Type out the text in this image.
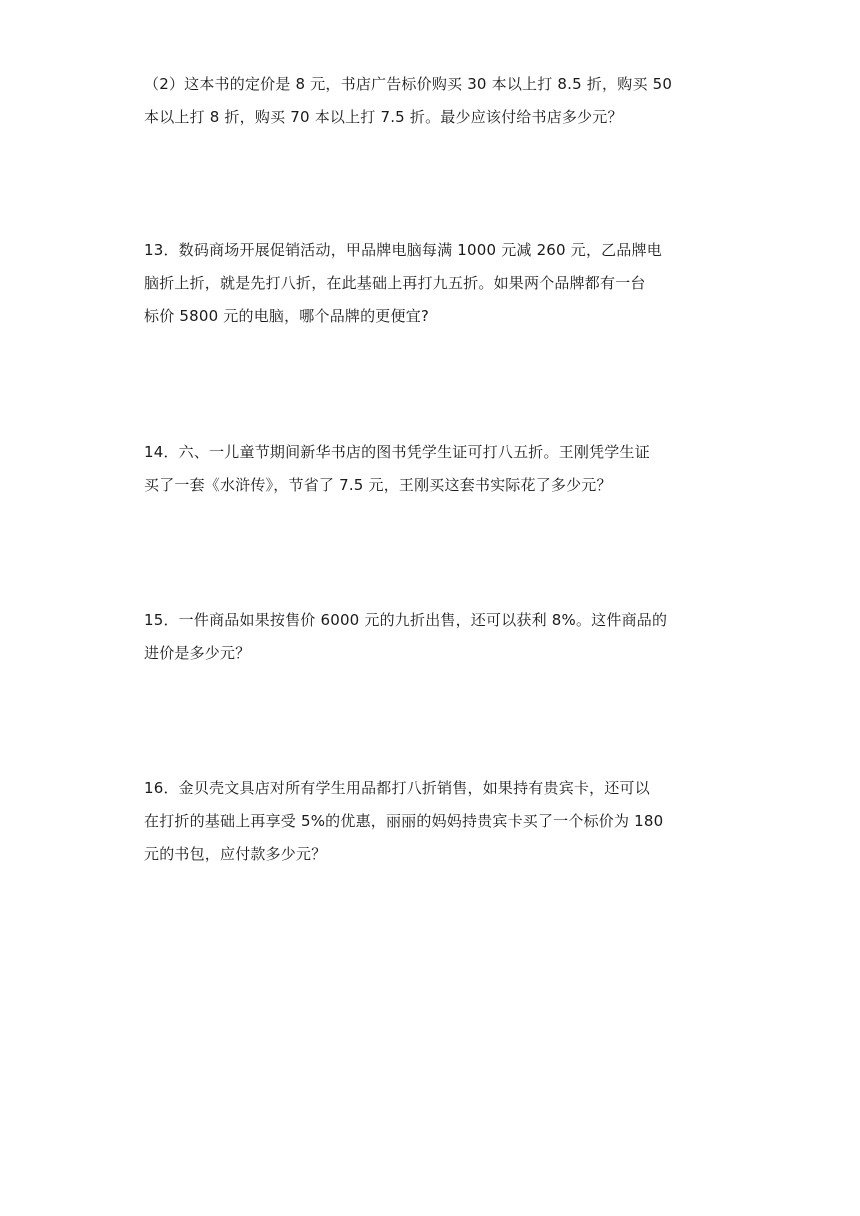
（2）这本书的定价是 8 元，书店广告标价购买 30 本以上打 8.5 折，购买 50
本以上打 8 折，购买 70 本以上打 7.5 折。最少应该付给书店多少元？
13．数码商场开展促销活动，甲品牌电脑每满 1000 元减 260 元，乙品牌电
脑折上折，就是先打八折，在此基础上再打九五折。如果两个品牌都有一台
标价 5800 元的电脑，哪个品牌的更便宜?
14．六、一儿童节期间新华书店的图书凭学生证可打八五折。王刚凭学生证
买了一套《水浒传》，节省了 7.5 元，王刚买这套书实际花了多少元？
15．一件商品如果按售价 6000 元的九折出售，还可以获利 8%。这件商品的
进价是多少元？
16．金贝壳文具店对所有学生用品都打八折销售，如果持有贵宾卡，还可以
在打折的基础上再享受 5%的优惠，丽丽的妈妈持贵宾卡买了一个标价为 180
元的书包，应付款多少元？
